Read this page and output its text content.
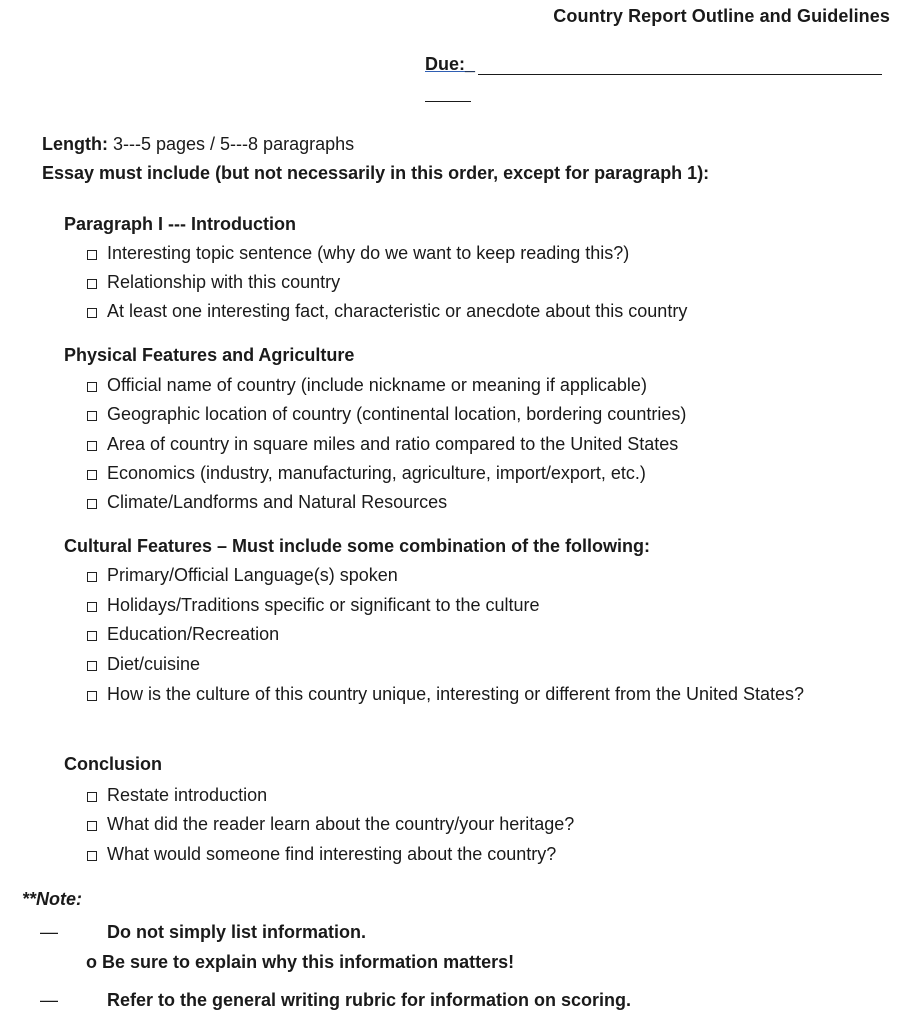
Country Report Outline and Guidelines
Due:_
Length: 3---5 pages / 5---8 paragraphs
Essay must include (but not necessarily in this order, except for paragraph 1):
Paragraph I --- Introduction
Interesting topic sentence (why do we want to keep reading this?)
Relationship with this country
At least one interesting fact, characteristic or anecdote about this country
Physical Features and Agriculture
Official name of country (include nickname or meaning if applicable)
Geographic location of country (continental location, bordering countries)
Area of country in square miles and ratio compared to the United States
Economics (industry, manufacturing, agriculture, import/export, etc.)
Climate/Landforms and Natural Resources
Cultural Features – Must include some combination of the following:
Primary/Official Language(s) spoken
Holidays/Traditions specific or significant to the culture
Education/Recreation
Diet/cuisine
How is the culture of this country unique, interesting or different from the United States?
Conclusion
Restate introduction
What did the reader learn about the country/your heritage?
What would someone find interesting about the country?
**Note:
—	Do not simply list information.
o Be sure to explain why this information matters!
—	Refer to the general writing rubric for information on scoring.
